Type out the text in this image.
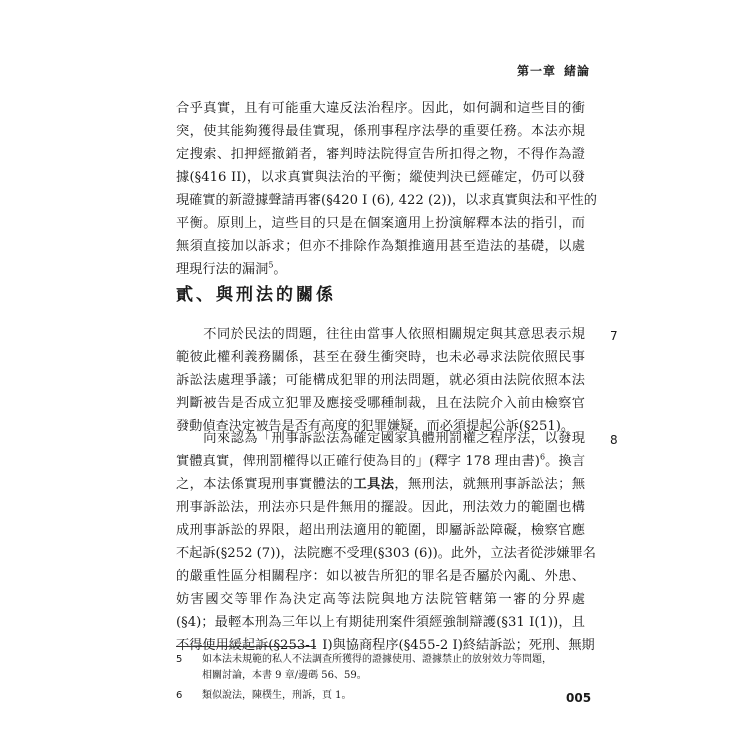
第一章 緒論
合乎真實，且有可能重大違反法治程序。因此，如何調和這些目的衝
突，使其能夠獲得最佳實現，係刑事程序法學的重要任務。本法亦規
定搜索、扣押經撤銷者，審判時法院得宣告所扣得之物，不得作為證
據(§416 II)，以求真實與法治的平衡；縱使判決已經確定，仍可以發
現確實的新證據聲請再審(§420 I (6), 422 (2))，以求真實與法和平性的
平衡。原則上，這些目的只是在個案適用上扮演解釋本法的指引，而
無須直接加以訴求；但亦不排除作為類推適用甚至造法的基礎，以處
理現行法的漏洞$^5$。
貳、與刑法的關係
7
　　不同於民法的問題，往往由當事人依照相關規定與其意思表示規
範彼此權利義務關係，甚至在發生衝突時，也未必尋求法院依照民事
訴訟法處理爭議；可能構成犯罪的刑法問題，就必須由法院依照本法
判斷被告是否成立犯罪及應接受哪種制裁，且在法院介入前由檢察官
發動偵查決定被告是否有高度的犯罪嫌疑，而必須提起公訴(§251)。
8
　　向來認為「刑事訴訟法為確定國家具體刑罰權之程序法，以發現
實體真實，俾刑罰權得以正確行使為目的」(釋字 178 理由書)$^6$。換言
之，本法係實現刑事實體法的工具法，無刑法，就無刑事訴訟法；無
刑事訴訟法，刑法亦只是件無用的擺設。因此，刑法效力的範圍也構
成刑事訴訟的界限，超出刑法適用的範圍，即屬訴訟障礙，檢察官應
不起訴(§252 (7))，法院應不受理(§303 (6))。此外，立法者從涉嫌罪名
的嚴重性區分相關程序：如以被告所犯的罪名是否屬於內亂、外患、
妨害國交等罪作為決定高等法院與地方法院管轄第一審的分界處
(§4)；最輕本刑為三年以上有期徒刑案件須經強制辯護(§31 I(1))，且
不得使用緩起訴(§253-1 I)與協商程序(§455-2 I)終結訴訟；死刑、無期
5 如本法未規範的私人不法調查所獲得的證據使用、證據禁止的放射效力等問題，
相關討論，本書 9 章/邊碼 56、59。
6 類似說法，陳樸生，刑訴，頁 1。	005
